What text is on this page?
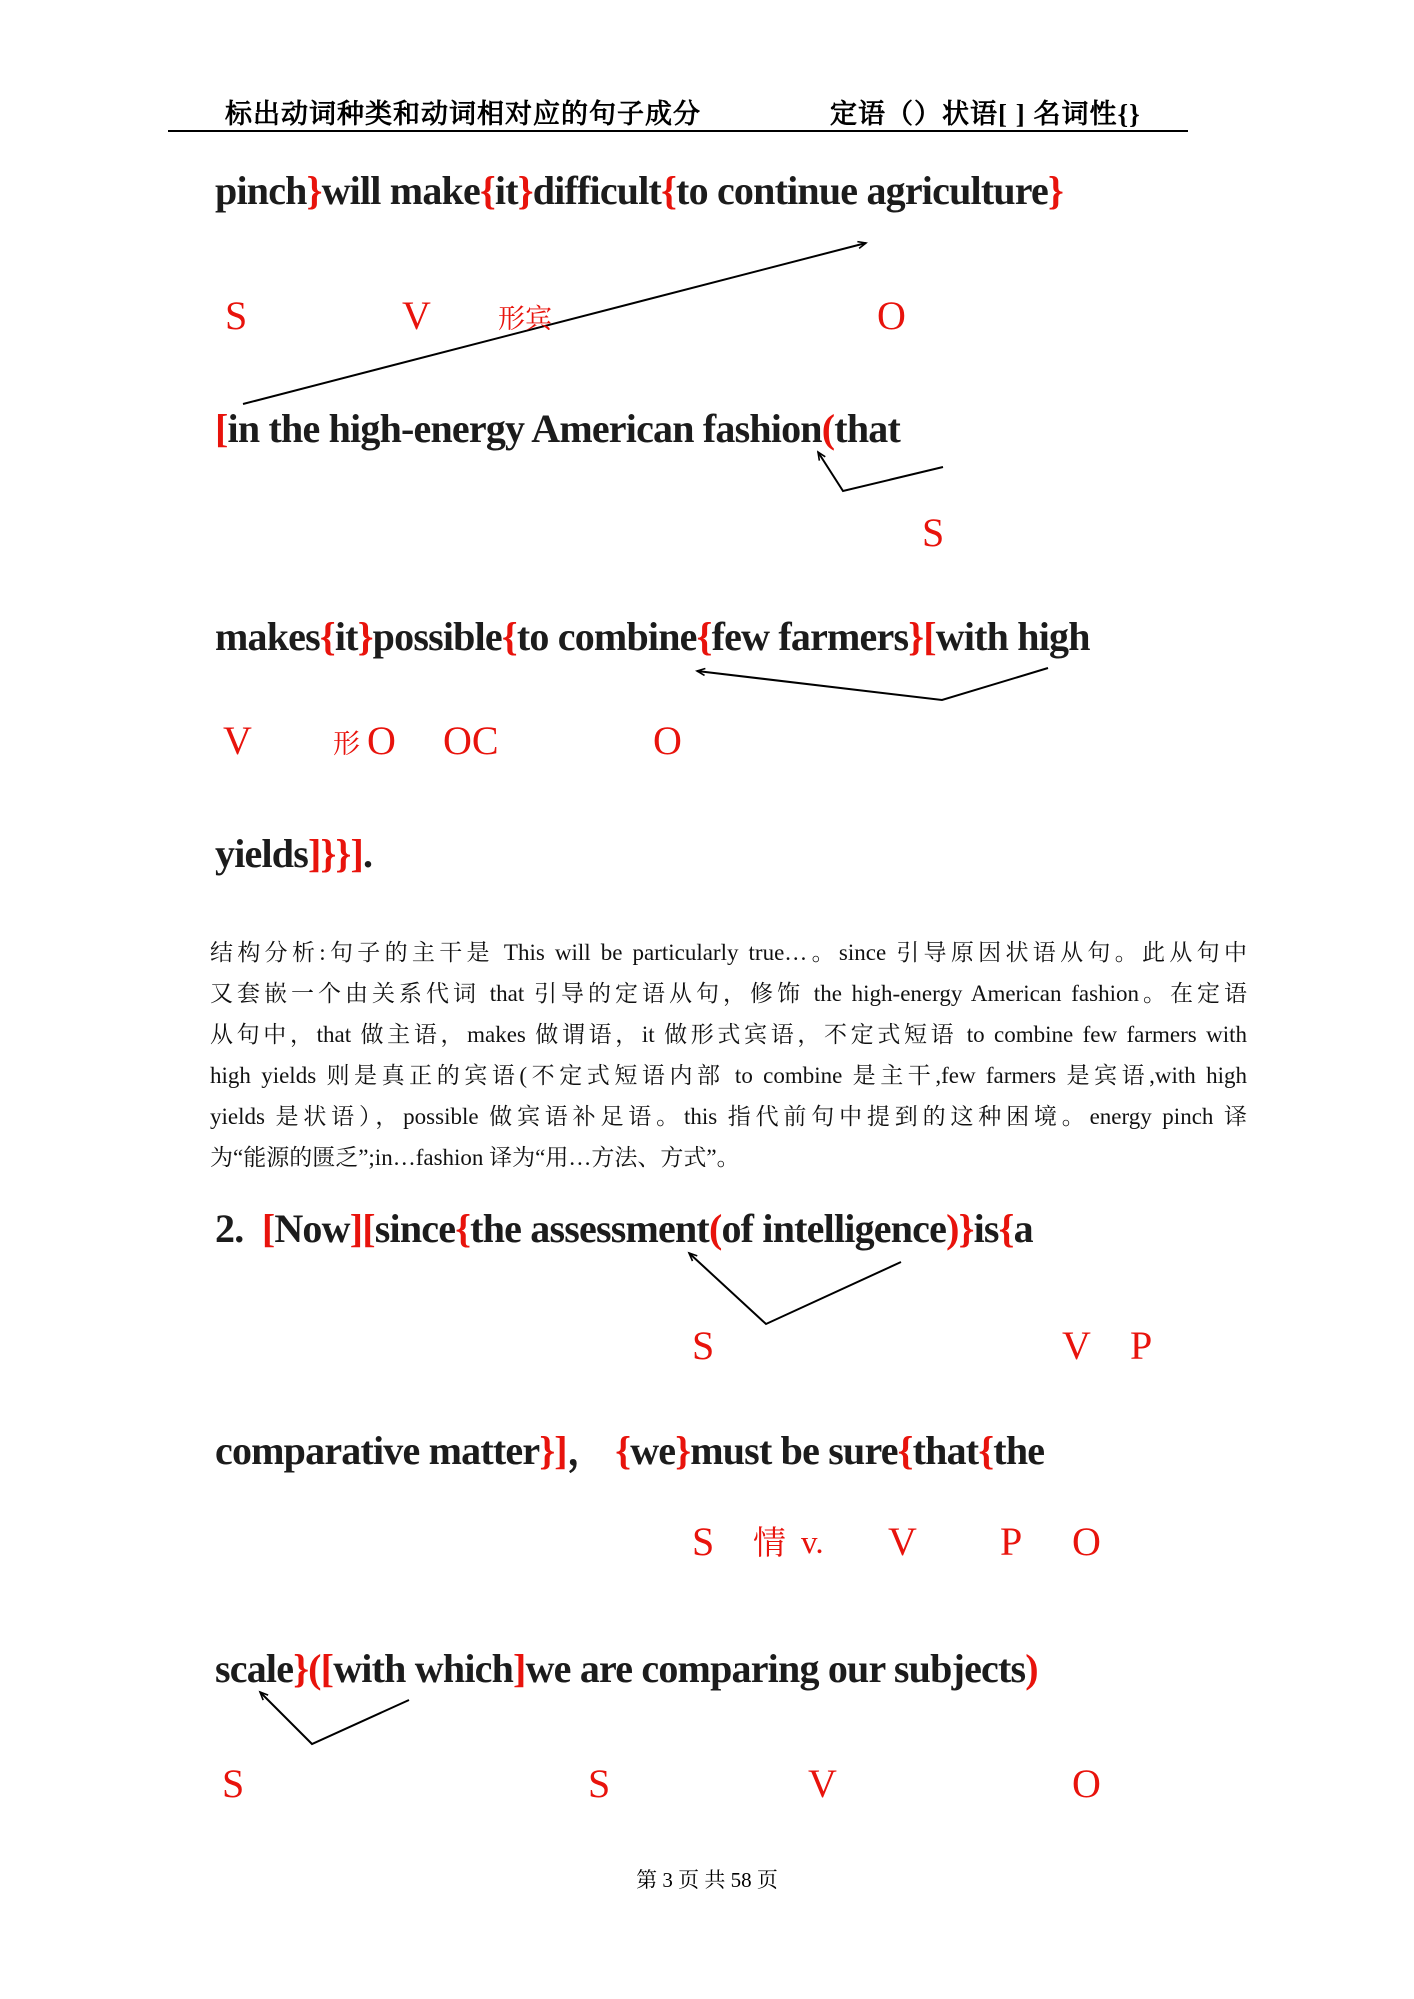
标出动词种类和动词相对应的句子成分	定语（）状语[ ] 名词性{}
pinch}will make{it}difficult{to continue agriculture}
S	V 形宾	O
[in the high-energy American fashion(that
S
makes{it}possible{to combine{few farmers}[with high
V	形 O OC	O
yields]}}].
结构分析:句子的主干是 This will be particularly true…。since 引导原因状语从句。此从句中
又套嵌一个由关系代词 that 引导的定语从句，修饰 the high-energy American fashion。在定语
从句中，that 做主语，makes 做谓语，it 做形式宾语，不定式短语 to combine few farmers with
high yields 则是真正的宾语(不定式短语内部 to combine 是主干,few farmers 是宾语,with high
yields 是状语），possible 做宾语补足语。this 指代前句中提到的这种困境。energy pinch 译
为“能源的匮乏”;in…fashion 译为“用…方法、方式”。
2.  [Now][since{the assessment(of intelligence)}is{a
S	V P
comparative matter}]， {we}must be sure{that{the
S 情 v. V P O
scale}([with which]we are comparing our subjects)
S	S	V	O
第 3 页 共 58 页
